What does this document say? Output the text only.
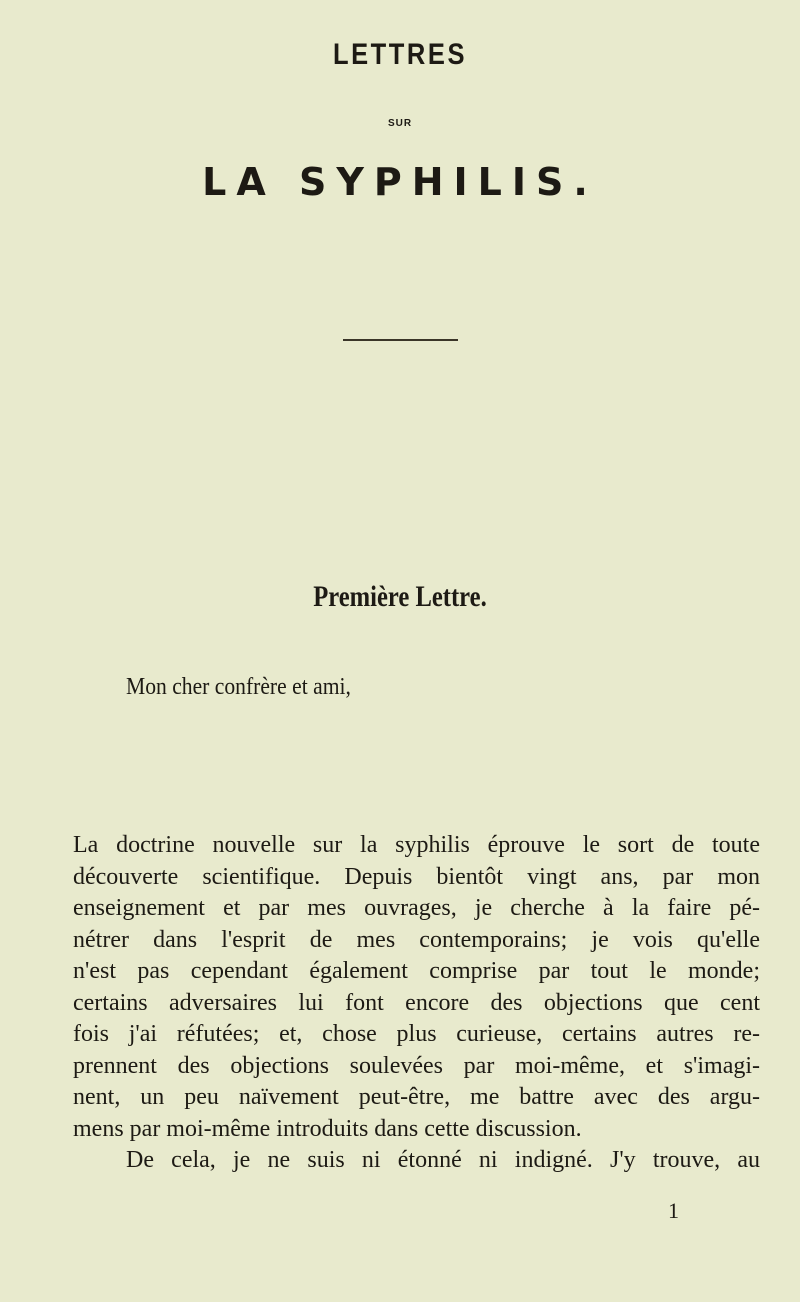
LETTRES
SUR
LA SYPHILIS.
Première Lettre.
Mon cher confrère et ami,
La doctrine nouvelle sur la syphilis éprouve le sort de toute
découverte scientifique. Depuis bientôt vingt ans, par mon
enseignement et par mes ouvrages, je cherche à la faire pé-
nétrer dans l'esprit de mes contemporains; je vois qu'elle
n'est pas cependant également comprise par tout le monde;
certains adversaires lui font encore des objections que cent
fois j'ai réfutées; et, chose plus curieuse, certains autres re-
prennent des objections soulevées par moi-même, et s'imagi-
nent, un peu naïvement peut-être, me battre avec des argu-
mens par moi-même introduits dans cette discussion.
De cela, je ne suis ni étonné ni indigné. J'y trouve, au
1
